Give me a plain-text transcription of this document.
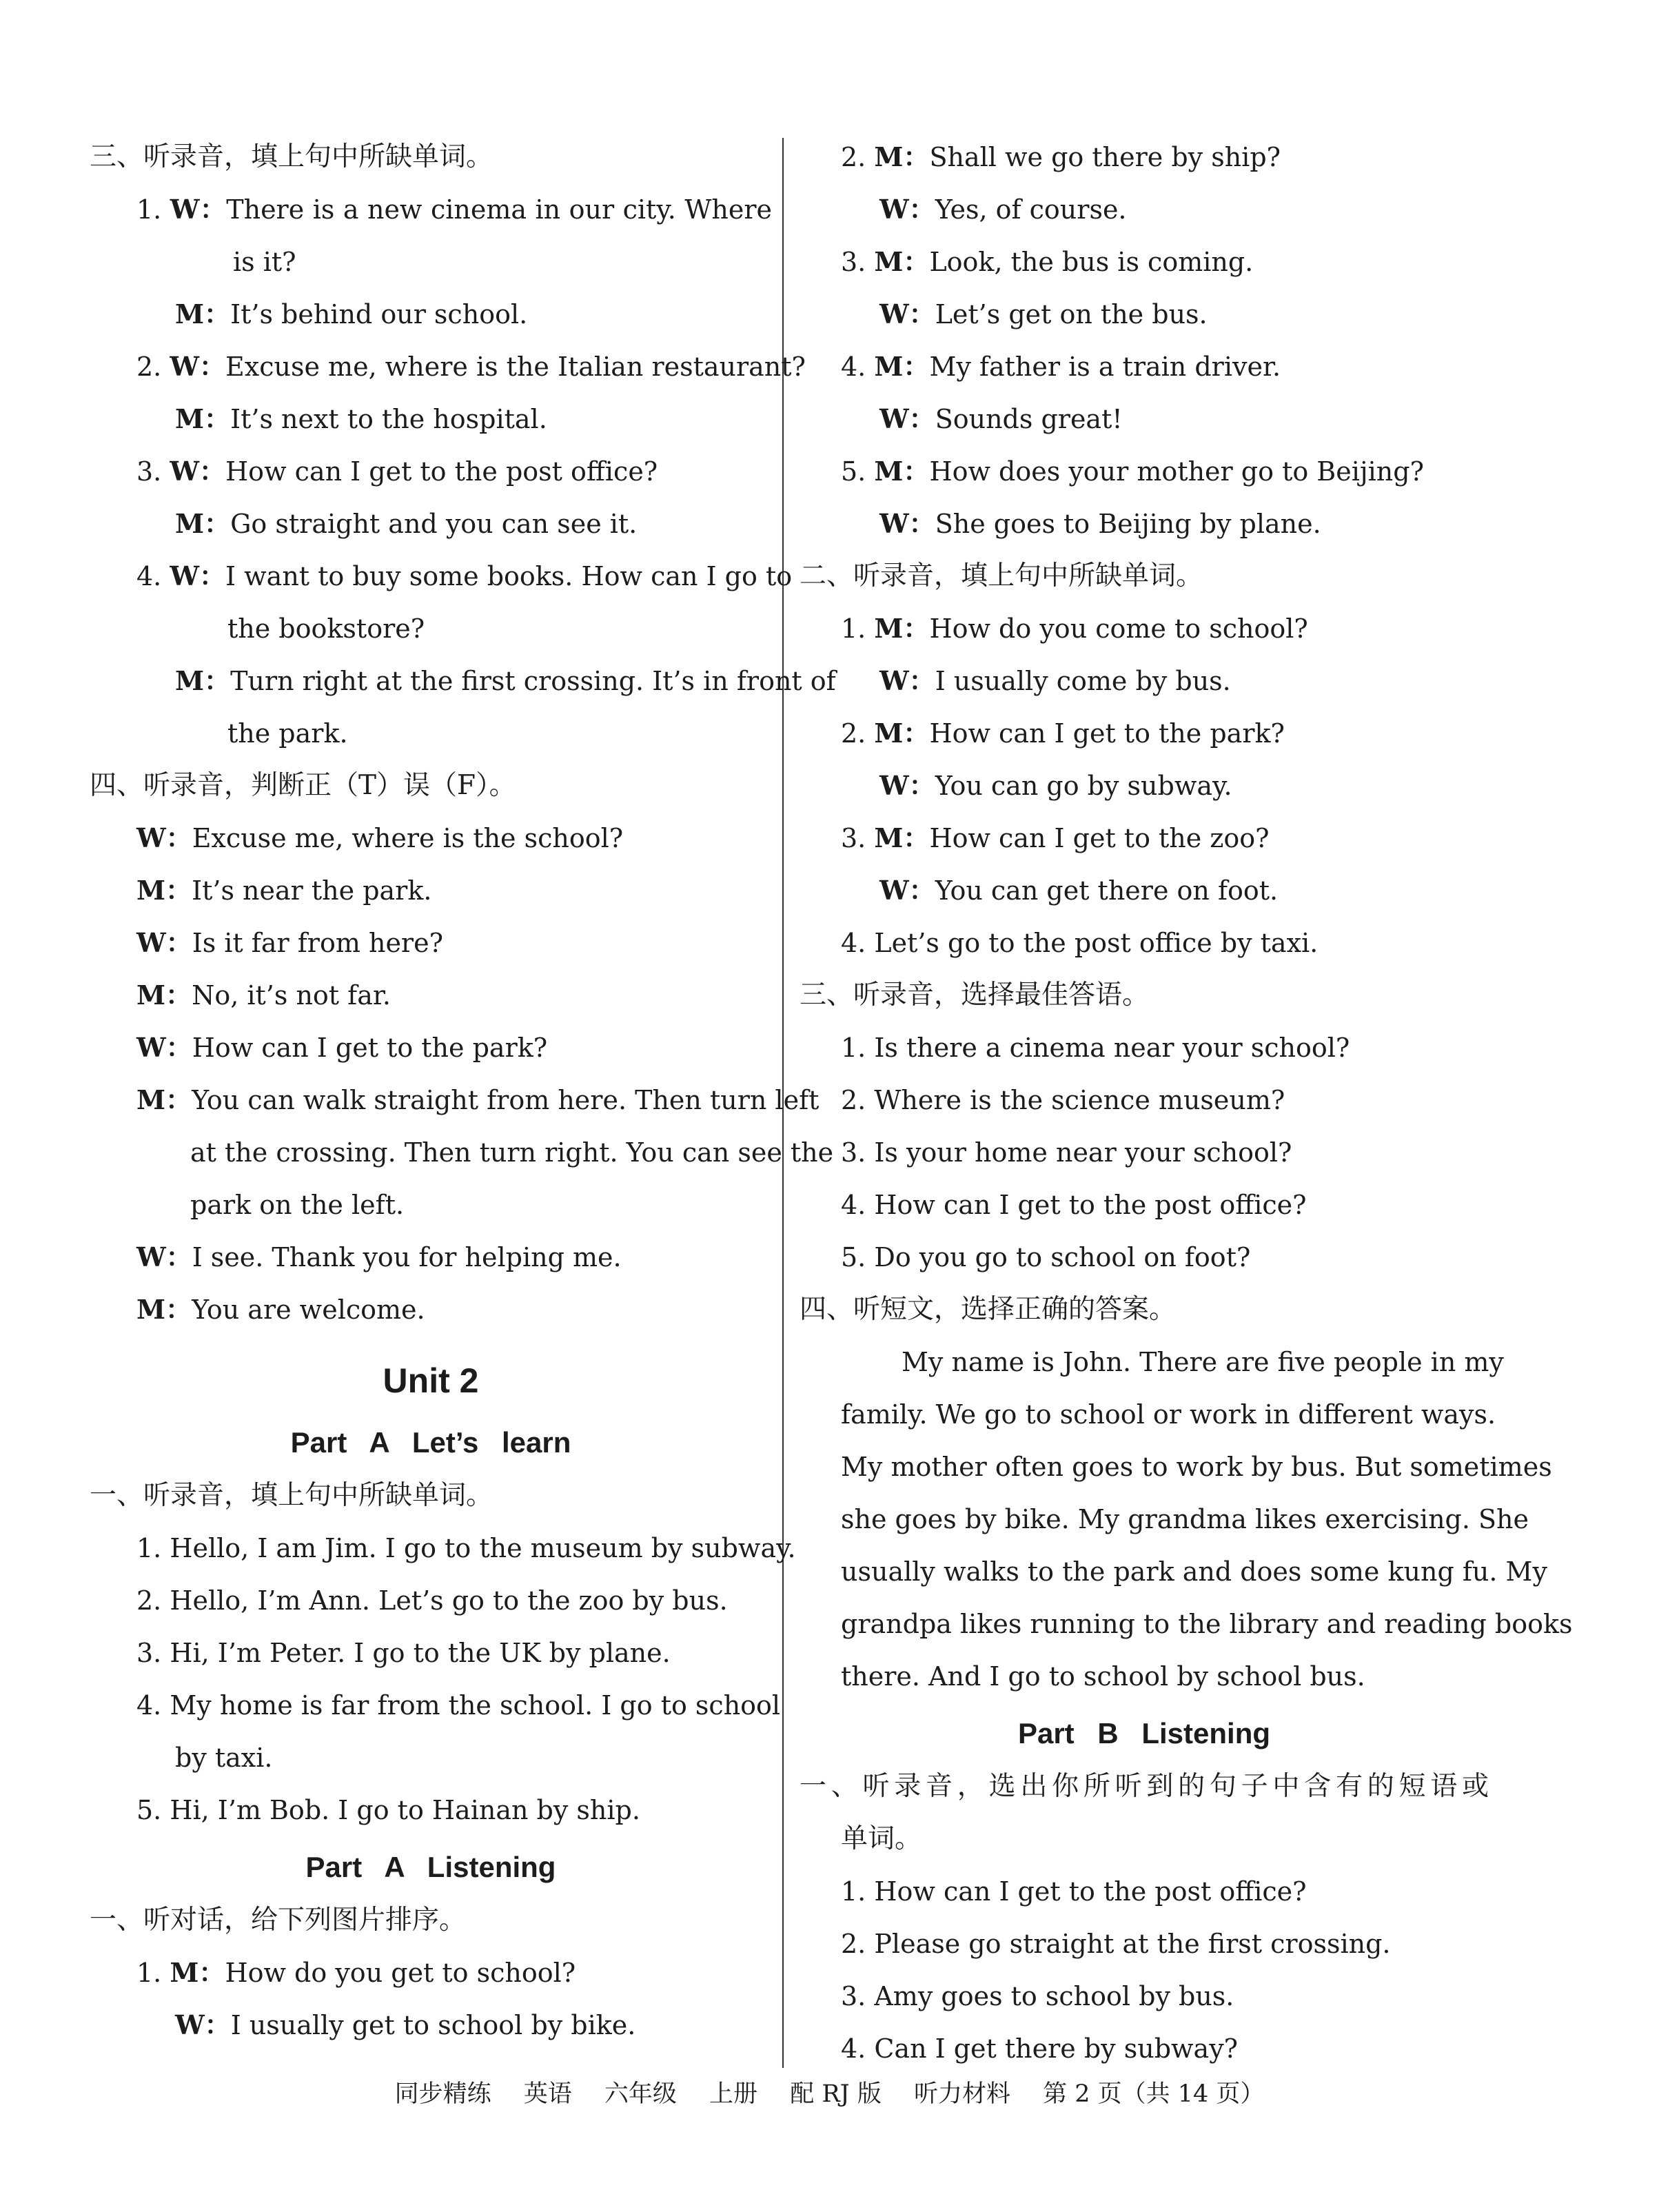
三、听录音，填上句中所缺单词。
1. W：There is a new cinema in our city. Where
is it?
M：It’s behind our school.
2. W：Excuse me, where is the Italian restaurant?
M：It’s next to the hospital.
3. W：How can I get to the post office?
M：Go straight and you can see it.
4. W：I want to buy some books. How can I go to
the bookstore?
M：Turn right at the first crossing. It’s in front of
the park.
四、听录音，判断正（T）误（F）。
W：Excuse me, where is the school?
M：It’s near the park.
W：Is it far from here?
M：No, it’s not far.
W：How can I get to the park?
M：You can walk straight from here. Then turn left
at the crossing. Then turn right. You can see the
park on the left.
W：I see. Thank you for helping me.
M：You are welcome.
Unit 2
Part A Let’s learn
一、听录音，填上句中所缺单词。
1. Hello, I am Jim. I go to the museum by subway.
2. Hello, I’m Ann. Let’s go to the zoo by bus.
3. Hi, I’m Peter. I go to the UK by plane.
4. My home is far from the school. I go to school
by taxi.
5. Hi, I’m Bob. I go to Hainan by ship.
Part A Listening
一、听对话，给下列图片排序。
1. M：How do you get to school?
W：I usually get to school by bike.
2. M：Shall we go there by ship?
W：Yes, of course.
3. M：Look, the bus is coming.
W：Let’s get on the bus.
4. M：My father is a train driver.
W：Sounds great!
5. M：How does your mother go to Beijing?
W：She goes to Beijing by plane.
二、听录音，填上句中所缺单词。
1. M：How do you come to school?
W：I usually come by bus.
2. M：How can I get to the park?
W：You can go by subway.
3. M：How can I get to the zoo?
W：You can get there on foot.
4. Let’s go to the post office by taxi.
三、听录音，选择最佳答语。
1. Is there a cinema near your school?
2. Where is the science museum?
3. Is your home near your school?
4. How can I get to the post office?
5. Do you go to school on foot?
四、听短文，选择正确的答案。
My name is John. There are five people in my
family. We go to school or work in different ways.
My mother often goes to work by bus. But sometimes
she goes by bike. My grandma likes exercising. She
usually walks to the park and does some kung fu. My
grandpa likes running to the library and reading books
there. And I go to school by school bus.
Part B Listening
一、听录音，选出你所听到的句子中含有的短语或
单词。
1. How can I get to the post office?
2. Please go straight at the first crossing.
3. Amy goes to school by bus.
4. Can I get there by subway?
同步精练 英语 六年级 上册 配 RJ 版 听力材料 第 2 页（共 14 页）
